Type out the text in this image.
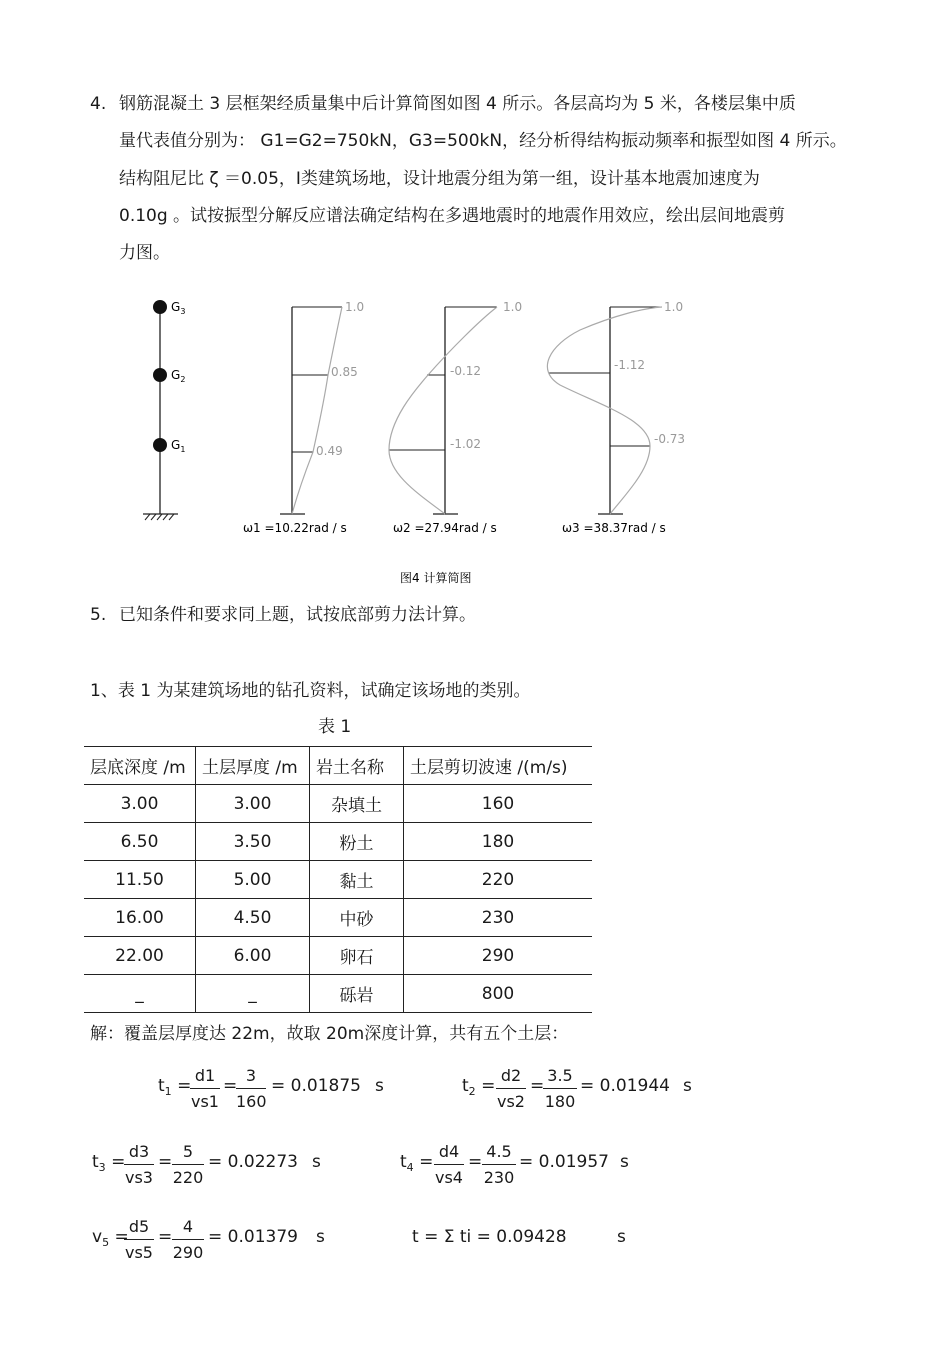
4. 钢筋混凝土 3 层框架经质量集中后计算简图如图 4 所示。各层高均为 5 米，各楼层集中质
量代表值分别为： G1=G2=750kN，G3=500kN，经分析得结构振动频率和振型如图 4 所示。
结构阻尼比 ζ ＝0.05，Ⅰ类建筑场地，设计地震分组为第一组，设计基本地震加速度为
0.10g 。试按振型分解反应谱法确定结构在多遇地震时的地震作用效应，绘出层间地震剪
力图。
$G_3$
$G_2$
$G_1$
1.0
0.85
0.49
ω1 =10.22rad / s
1.0
-0.12
-1.02
ω2 =27.94rad / s
1.0
-1.12
-0.73
ω3 =38.37rad / s
图4 计算简图
5. 已知条件和要求同上题，试按底部剪力法计算。
1、表 1 为某建筑场地的钻孔资料，试确定该场地的类别。
表 1
层底深度 /m	土层厚度 /m	岩土名称	土层剪切波速 /(m/s)
3.00	3.00	杂填土	160
6.50	3.50	粉土	180
11.50	5.00	黏土	220
16.00	4.50	中砂	230
22.00	6.00	卵石	290
_	_	砾岩	800
解：覆盖层厚度达 22m，故取 20m深度计算，共有五个土层：
$t_1$ =
$\frac{d1}{vs1}$ =
$\frac{3}{160} = 0.01875$ s	$t_2 = \frac{d2}{vs2}$ =
$\frac{3.5}{180} = 0.01944$ s
$t_3$ =
$\frac{d3}{vs3} = \frac{5}{220} = 0.02273$ s	$t_4 = \frac{d4}{vs4} = \frac{4.5}{230} = 0.01957$ s
$v_5$ =
$\frac{d5}{vs5} = \frac{4}{290} = 0.01379$ s	t = Σ ti = 0.09428	s
